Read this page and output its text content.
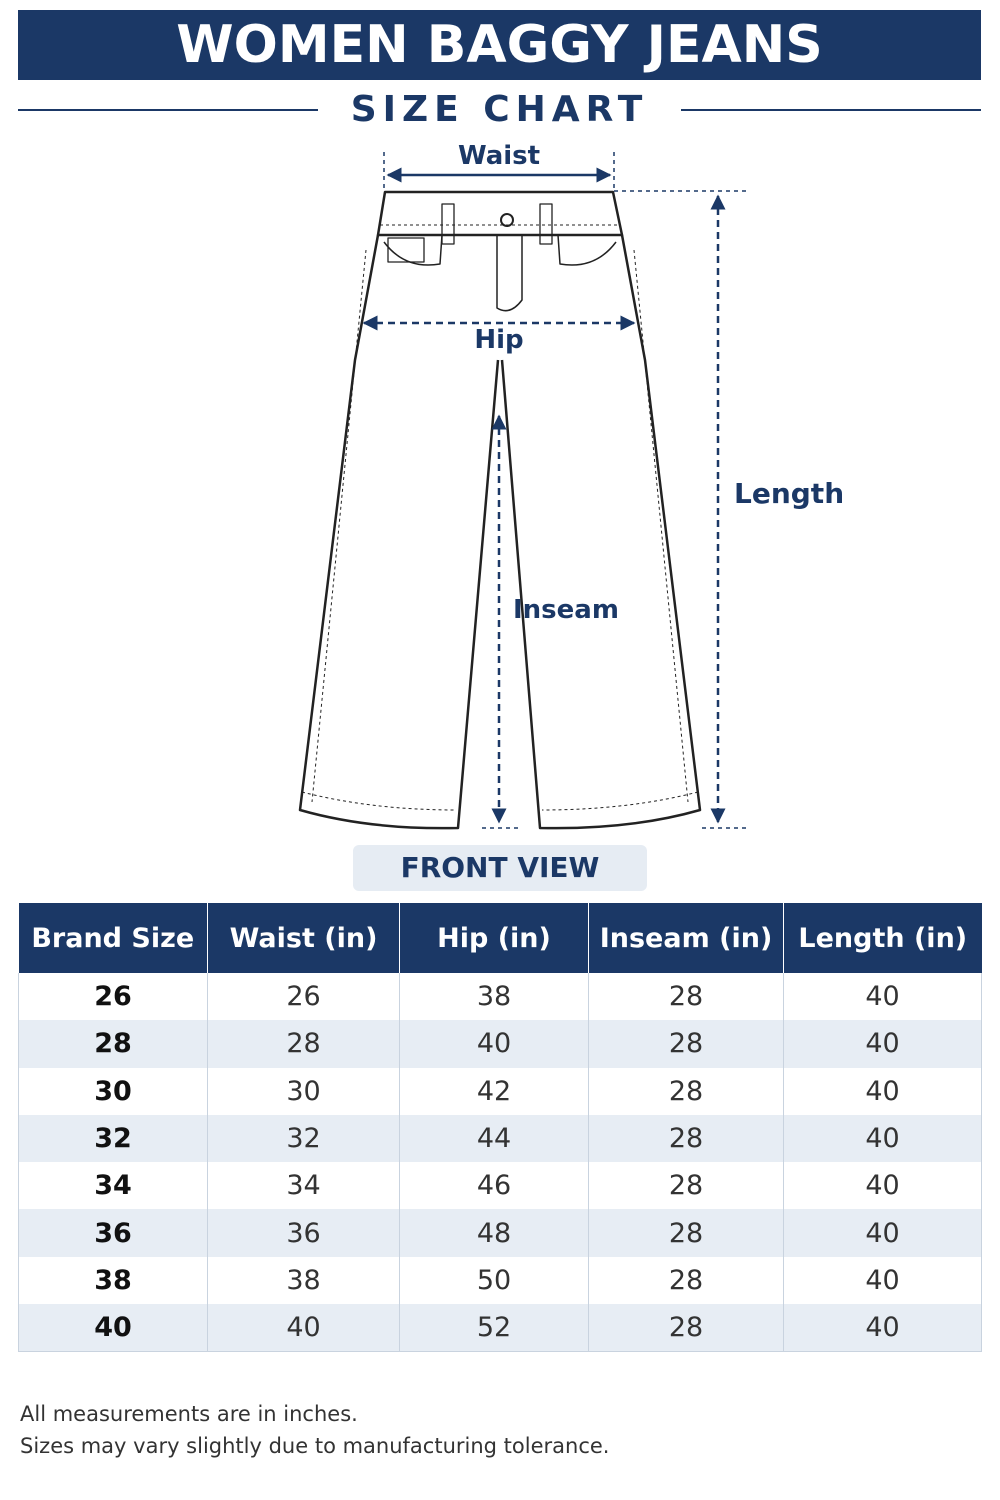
WOMEN BAGGY JEANS
SIZE CHART
Waist
Hip
Length
Inseam
FRONT VIEW
Brand Size	Waist (in)	Hip (in)	Inseam (in)	Length (in)
26	26	38	28	40
28	28	40	28	40
30	30	42	28	40
32	32	44	28	40
34	34	46	28	40
36	36	48	28	40
38	38	50	28	40
40	40	52	28	40
All measurements are in inches.
Sizes may vary slightly due to manufacturing tolerance.
